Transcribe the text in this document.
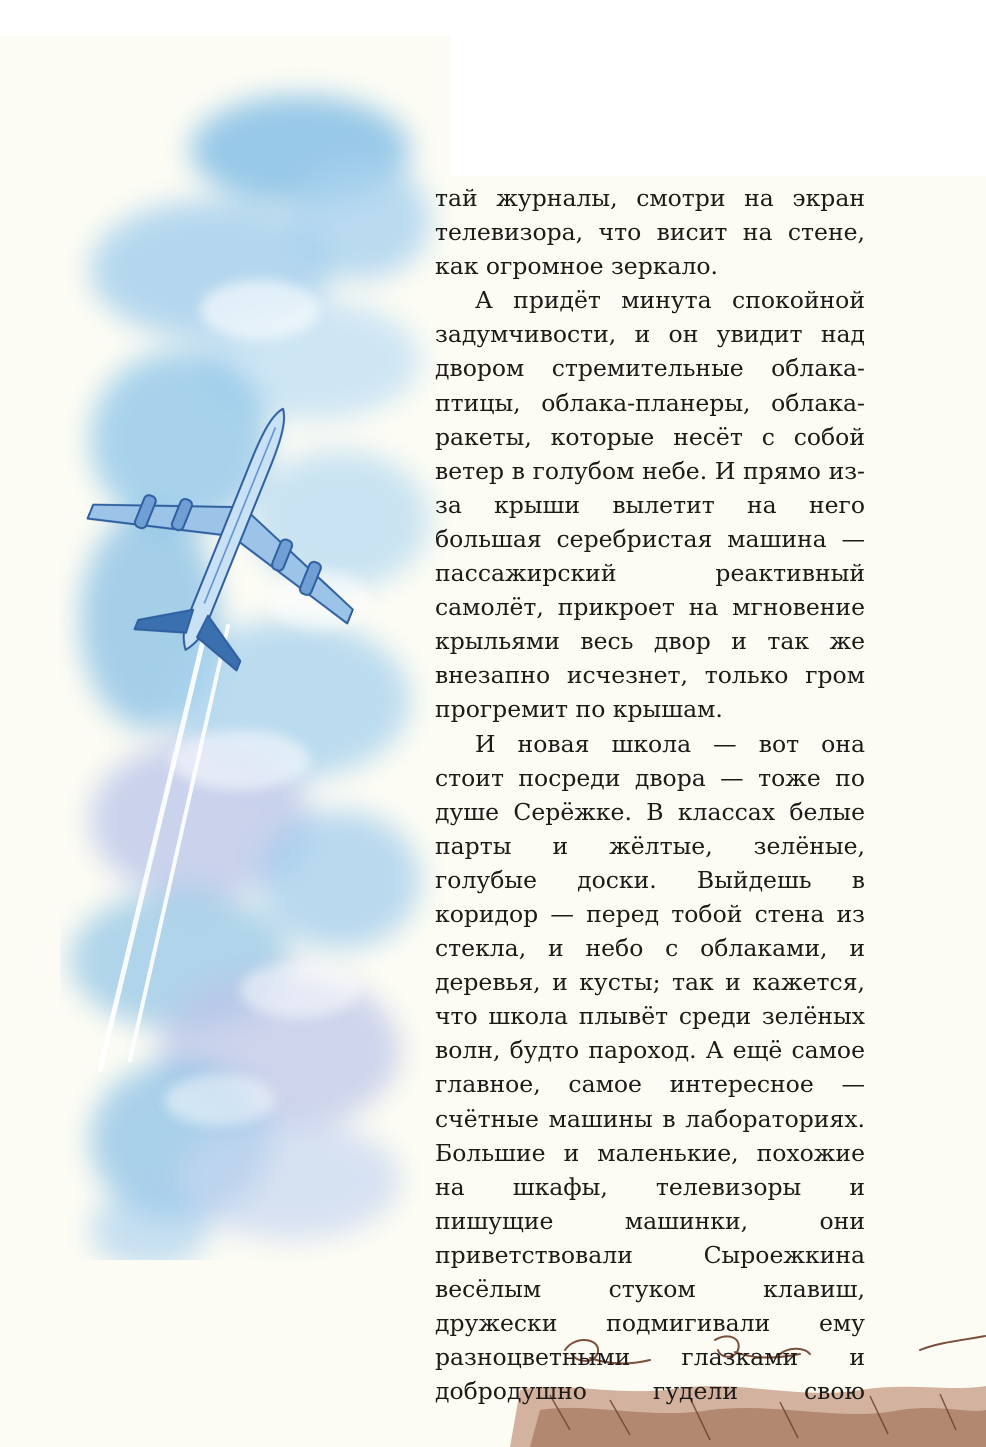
тай журналы, смотри на экран телевизора, что висит на стене, как огромное зеркало.

А придёт минута спокойной задумчивости, и он увидит над двором стремительные облака-птицы, облака-планеры, облака-ракеты, которые несёт с собой ветер в голубом небе. И прямо из-за крыши вылетит на него большая серебристая машина — пассажирский реактивный самолёт, прикроет на мгновение крыльями весь двор и так же внезапно исчезнет, только гром прогремит по крышам.

И новая школа — вот она стоит посреди двора — тоже по душе Серёжке. В классах белые парты и жёлтые, зелёные, голубые доски. Выйдешь в коридор — перед тобой стена из стекла, и небо с облаками, и деревья, и кусты; так и кажется, что школа плывёт среди зелёных волн, будто пароход. А ещё самое главное, самое интересное — счётные машины в лабораториях. Большие и маленькие, похожие на шкафы, телевизоры и пишущие машинки, они приветствовали Сыроежкина весёлым стуком клавиш, дружески подмигивали ему разноцветными глазками и добродушно гудели свою
